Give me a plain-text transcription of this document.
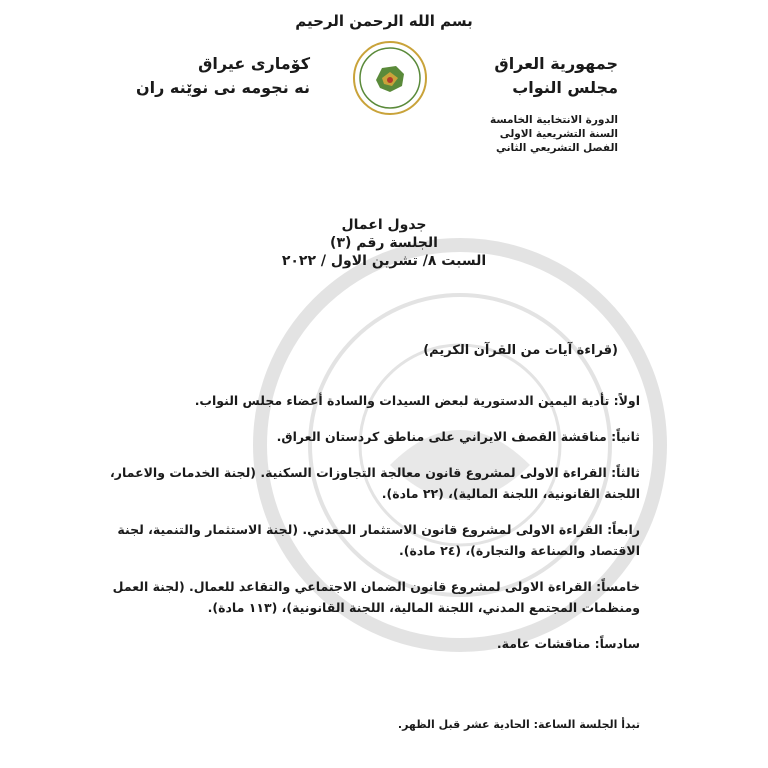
بسم الله الرحمن الرحيم
جمهورية العراق
مجلس النواب
كۆمارى عيراق
نه نجومه نى نوێنه ران
الدورة الانتخابية الخامسة
السنة التشريعية الاولى
الفصل التشريعي الثاني
جدول اعمال
الجلسة رقم (٣)
السبت ٨/ تشرين الاول / ٢٠٢٢
(قراءة آيات من القرآن الكريم)
اولاً: تأدية اليمين الدستورية لبعض السيدات والسادة أعضاء مجلس النواب.
ثانياً: مناقشة القصف الايراني على مناطق كردستان العراق.
ثالثاً: القراءة الاولى لمشروع قانون معالجة التجاوزات السكنية. (لجنة الخدمات والاعمار، اللجنة القانونية، اللجنة المالية)، (٢٢ مادة).
رابعاً: القراءة الاولى لمشروع قانون الاستثمار المعدني. (لجنة الاستثمار والتنمية، لجنة الاقتصاد والصناعة والتجارة)، (٢٤ مادة).
خامساً: القراءة الاولى لمشروع قانون الضمان الاجتماعي والتقاعد للعمال. (لجنة العمل ومنظمات المجتمع المدني، اللجنة المالية، اللجنة القانونية)، (١١٣ مادة).
سادساً: مناقشات عامة.
تبدأ الجلسة الساعة: الحادية عشر قبل الظهر.
